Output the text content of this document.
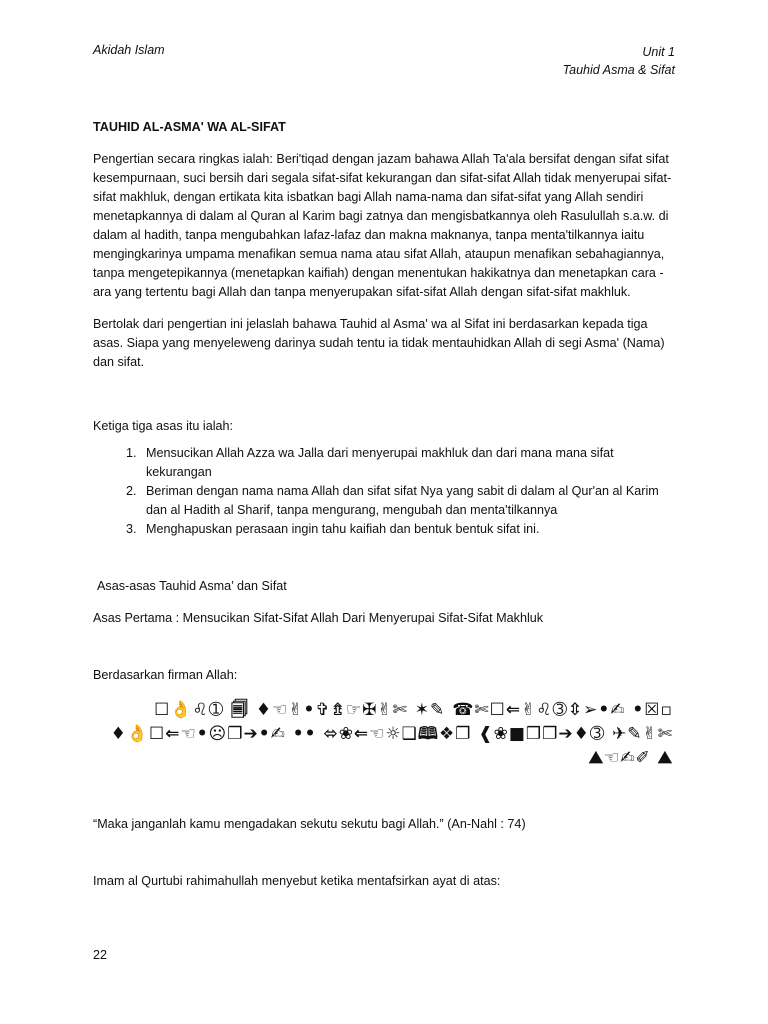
Akidah Islam	Unit 1
Tauhid Asma & Sifat

TAUHID AL-ASMA' WA AL-SIFAT

Pengertian secara ringkas ialah: Beri'tiqad dengan jazam bahawa Allah Ta'ala bersifat dengan sifat sifat kesempurnaan, suci bersih dari segala sifat-sifat kekurangan dan sifat-sifat Allah tidak menyerupai sifat-sifat makhluk, dengan ertikata kita isbatkan bagi Allah nama-nama dan sifat-sifat yang Allah sendiri menetapkannya di dalam al Quran al Karim bagi zatnya dan mengisbatkannya oleh Rasulullah s.a.w. di dalam al hadith, tanpa mengubahkan lafaz-lafaz dan makna maknanya, tanpa menta'tilkannya iaitu mengingkarinya umpama menafikan semua nama atau sifat Allah, ataupun menafikan sebahagiannya, tanpa mengetepikannya (menetapkan kaifiah) dengan menentukan hakikatnya dan menetapkan cara -ara yang tertentu bagi Allah dan tanpa menyerupakan sifat-sifat Allah dengan sifat-sifat makhluk.

Bertolak dari pengertian ini jelaslah bahawa Tauhid al Asma' wa al Sifat ini berdasarkan kepada tiga asas. Siapa yang menyeleweng darinya sudah tentu ia tidak mentauhidkan Allah di segi Asma' (Nama) dan sifat.

Ketiga tiga asas itu ialah:

1. Mensucikan Allah Azza wa Jalla dari menyerupai makhluk dan dari mana mana sifat kekurangan
2. Beriman dengan nama nama Allah dan sifat sifat Nya yang sabit di dalam al Qur'an al Karim dan al Hadith al Sharif, tanpa mengurang, mengubah dan menta'tilkannya
3. Menghapuskan perasaan ingin tahu kaifiah dan bentuk bentuk sifat ini.

Asas-asas Tauhid Asma’ dan Sifat

Asas Pertama : Mensucikan Sifat-Sifat Allah Dari Menyerupai Sifat-Sifat Makhluk

Berdasarkan firman Allah:

☐👌♌➀ 🗐 ♦☜✌•✞⇯☞✠✌✄ ✶✎ ☎✄☐⇐✌♌➂⇳➢•✍ •☒▫

♦👌☐⇐☜•☹❐➔•✍ •• ⬄❀⇐☜☼❑🕮❖❐ ❰❀■❒❐➔♦➂ ✈✎✌✄

⛰☜✍✐ ⛰

“Maka janganlah kamu mengadakan sekutu sekutu bagi Allah.” (An-Nahl : 74)

Imam al Qurtubi rahimahullah menyebut ketika mentafsirkan ayat di atas:

22
